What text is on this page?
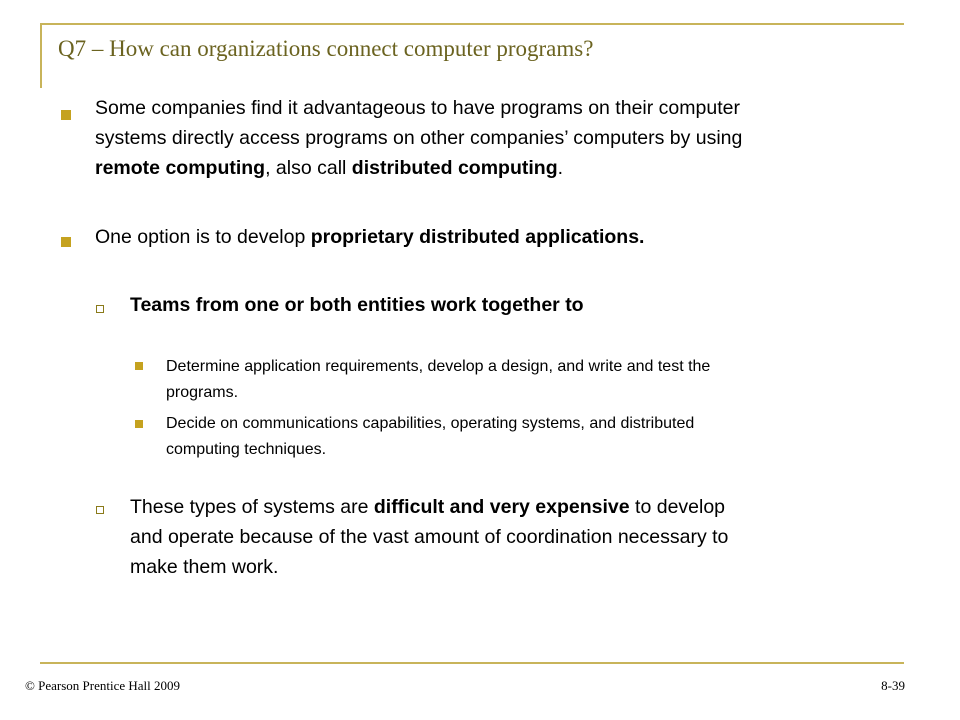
Q7 – How can organizations connect computer programs?
Some companies find it advantageous to have programs on their computer
systems directly access programs on other companies’ computers by using
remote computing, also call distributed computing.
One option is to develop proprietary distributed applications.
Teams from one or both entities work together to
Determine application requirements, develop a design, and write and test the
programs.
Decide on communications capabilities, operating systems, and distributed
computing techniques.
These types of systems are difficult and very expensive to develop
and operate because of the vast amount of coordination necessary to
make them work.
© Pearson Prentice Hall 2009	8-39
